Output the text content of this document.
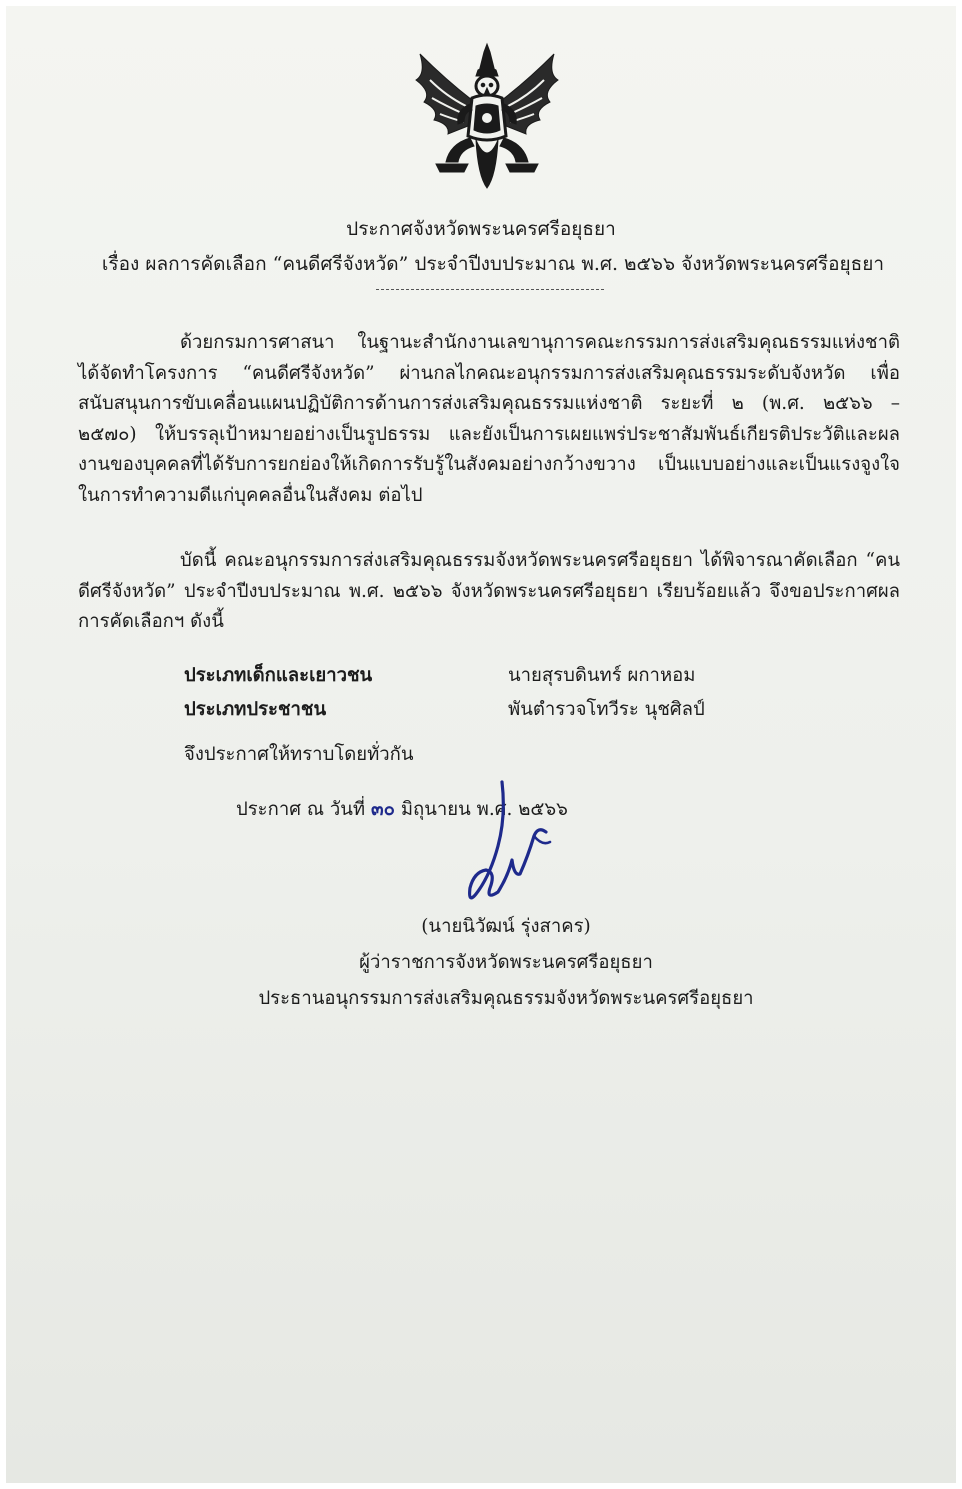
ประกาศจังหวัดพระนครศรีอยุธยา
เรื่อง ผลการคัดเลือก “คนดีศรีจังหวัด” ประจำปีงบประมาณ พ.ศ. ๒๕๖๖ จังหวัดพระนครศรีอยุธยา
ด้วยกรมการศาสนา ในฐานะสำนักงานเลขานุการคณะกรรมการส่งเสริมคุณธรรมแห่งชาติ ได้จัดทำโครงการ “คนดีศรีจังหวัด” ผ่านกลไกคณะอนุกรรมการส่งเสริมคุณธรรมระดับจังหวัด เพื่อสนับสนุนการขับเคลื่อนแผนปฏิบัติการด้านการส่งเสริมคุณธรรมแห่งชาติ ระยะที่ ๒ (พ.ศ. ๒๕๖๖ – ๒๕๗๐) ให้บรรลุเป้าหมายอย่างเป็นรูปธรรม และยังเป็นการเผยแพร่ประชาสัมพันธ์เกียรติประวัติและผลงานของบุคคลที่ได้รับการยกย่องให้เกิดการรับรู้ในสังคมอย่างกว้างขวาง เป็นแบบอย่างและเป็นแรงจูงใจในการทำความดีแก่บุคคลอื่นในสังคม ต่อไป
บัดนี้ คณะอนุกรรมการส่งเสริมคุณธรรมจังหวัดพระนครศรีอยุธยา ได้พิจารณาคัดเลือก “คนดีศรีจังหวัด” ประจำปีงบประมาณ พ.ศ. ๒๕๖๖ จังหวัดพระนครศรีอยุธยา เรียบร้อยแล้ว จึงขอประกาศผลการคัดเลือกฯ ดังนี้
ประเภทเด็กและเยาวชน	นายสุรบดินทร์ ผกาหอม
ประเภทประชาชน	พันตำรวจโทวีระ นุชศิลป์
จึงประกาศให้ทราบโดยทั่วกัน
ประกาศ ณ วันที่ ๓๐ มิถุนายน พ.ศ. ๒๕๖๖
(นายนิวัฒน์ รุ่งสาคร)
ผู้ว่าราชการจังหวัดพระนครศรีอยุธยา
ประธานอนุกรรมการส่งเสริมคุณธรรมจังหวัดพระนครศรีอยุธยา
